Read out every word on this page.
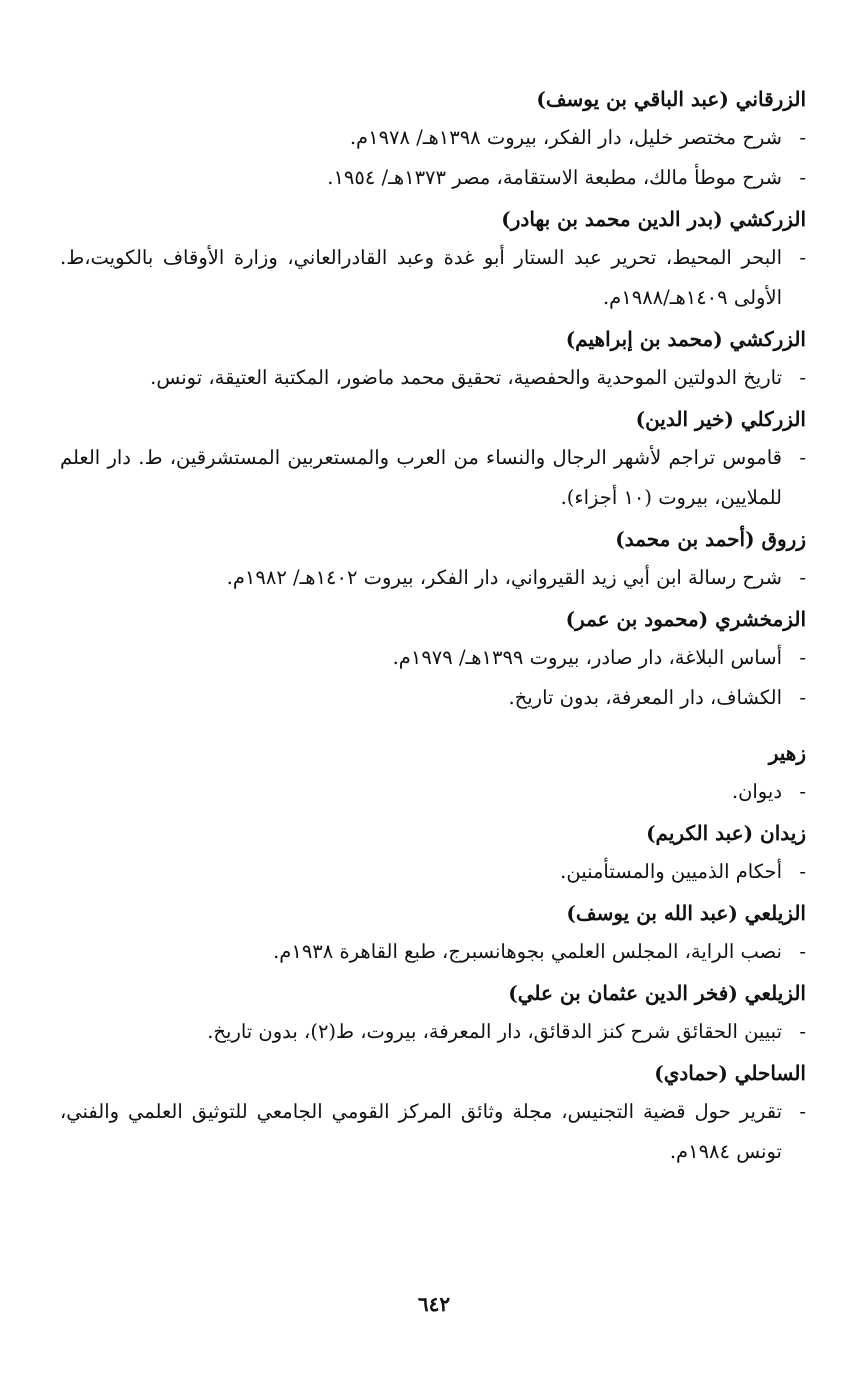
الزرقاني (عبد الباقي بن يوسف)
-
شرح مختصر خليل، دار الفكر، بيروت ١٣٩٨هـ/ ١٩٧٨م.
-
شرح موطأ مالك، مطبعة الاستقامة، مصر ١٣٧٣هـ/ ١٩٥٤.
الزركشي (بدر الدين محمد بن بهادر)
-
البحر المحيط، تحرير عبد الستار أبو غدة وعبد القادرالعاني، وزارة الأوقاف بالكويت،ط. الأولى ١٤٠٩هـ/١٩٨٨م.
الزركشي (محمد بن إبراهيم)
-
تاريخ الدولتين الموحدية والحفصية، تحقيق محمد ماضور، المكتبة العتيقة، تونس.
الزركلي (خير الدين)
-
قاموس تراجم لأشهر الرجال والنساء من العرب والمستعربين المستشرقين، ط. دار العلم للملايين، بيروت (١٠ أجزاء).
زروق (أحمد بن محمد)
-
شرح رسالة ابن أبي زيد القيرواني، دار الفكر، بيروت ١٤٠٢هـ/ ١٩٨٢م.
الزمخشري (محمود بن عمر)
-
أساس البلاغة، دار صادر، بيروت ١٣٩٩هـ/ ١٩٧٩م.
-
الكشاف، دار المعرفة، بدون تاريخ.
زهير
-
ديوان.
زيدان (عبد الكريم)
-
أحكام الذميين والمستأمنين.
الزيلعي (عبد الله بن يوسف)
-
نصب الراية، المجلس العلمي بجوهانسبرج، طبع القاهرة ١٩٣٨م.
الزيلعي (فخر الدين عثمان بن علي)
-
تبيين الحقائق شرح كنز الدقائق، دار المعرفة، بيروت، ط(٢)، بدون تاريخ.
الساحلي (حمادي)
-
تقرير حول قضية التجنيس، مجلة وثائق المركز القومي الجامعي للتوثيق العلمي والفني، تونس ١٩٨٤م.
٦٤٢
